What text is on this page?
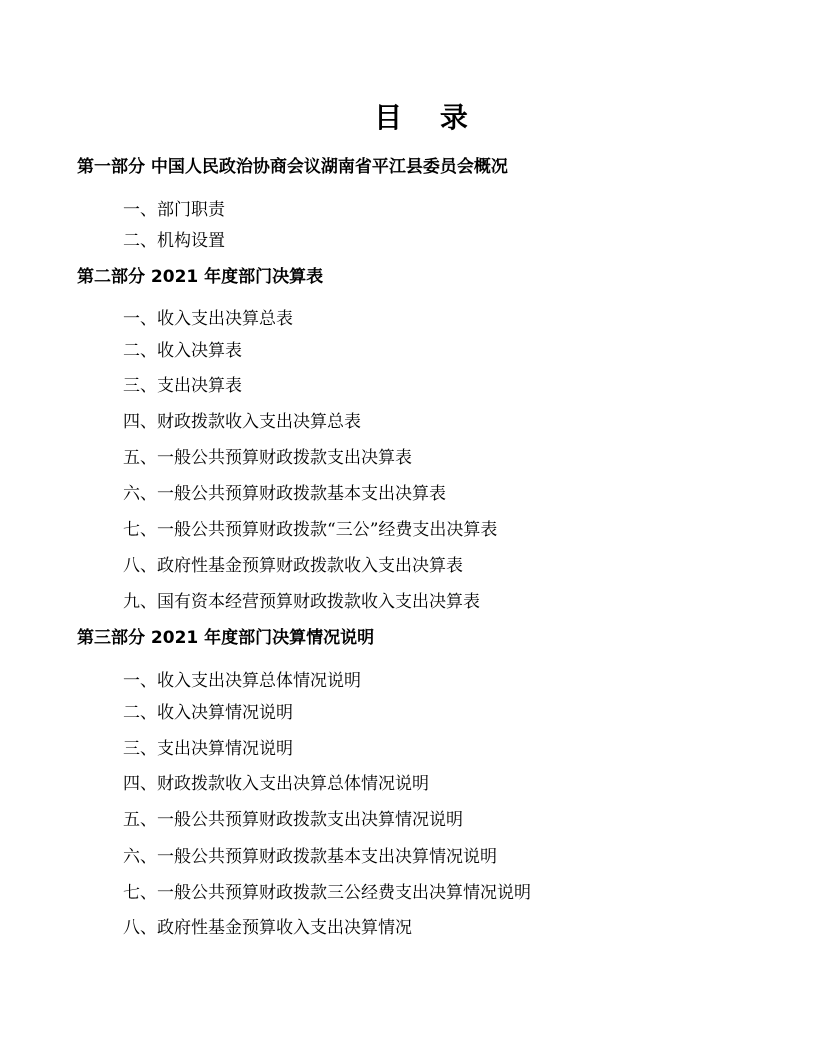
目 录
第一部分 中国人民政治协商会议湖南省平江县委员会概况
一、部门职责
二、机构设置
第二部分 2021 年度部门决算表
一、收入支出决算总表
二、收入决算表
三、支出决算表
四、财政拨款收入支出决算总表
五、一般公共预算财政拨款支出决算表
六、一般公共预算财政拨款基本支出决算表
七、一般公共预算财政拨款“三公”经费支出决算表
八、政府性基金预算财政拨款收入支出决算表
九、国有资本经营预算财政拨款收入支出决算表
第三部分 2021 年度部门决算情况说明
一、收入支出决算总体情况说明
二、收入决算情况说明
三、支出决算情况说明
四、财政拨款收入支出决算总体情况说明
五、一般公共预算财政拨款支出决算情况说明
六、一般公共预算财政拨款基本支出决算情况说明
七、一般公共预算财政拨款三公经费支出决算情况说明
八、政府性基金预算收入支出决算情况
